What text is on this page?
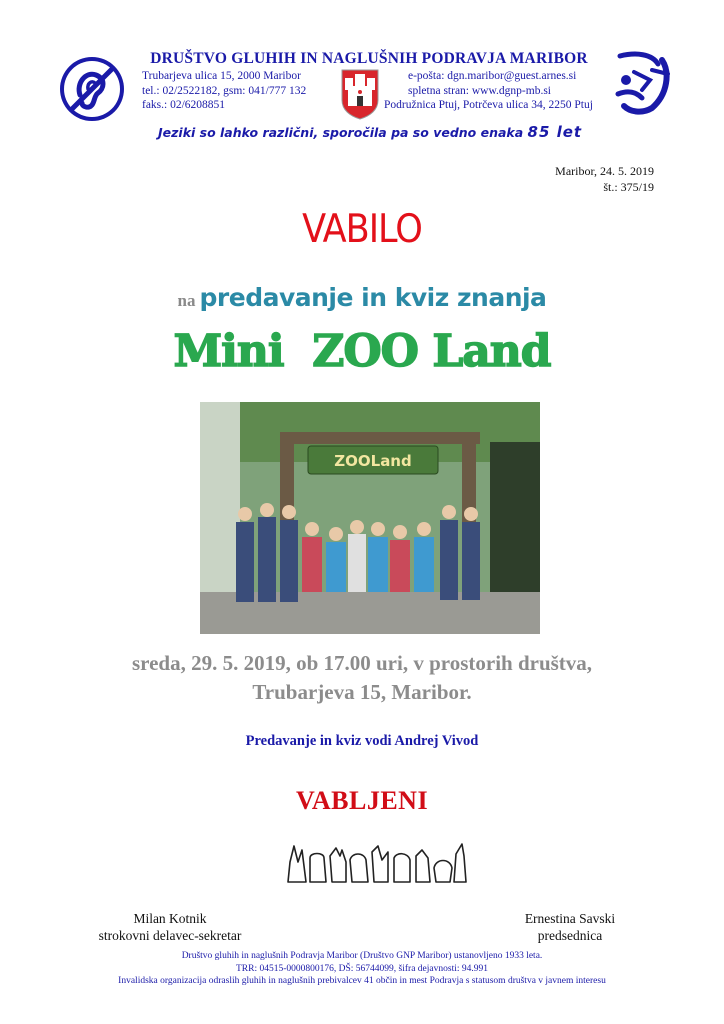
DRUŠTVO GLUHIH IN NAGLUŠNIH PODRAVJA MARIBOR
Trubarjeva ulica 15, 2000 Maribor
tel.: 02/2522182, gsm: 041/777 132
faks.: 02/6208851
e-pošta: dgn.maribor@guest.arnes.si
spletna stran: www.dgnp-mb.si
Podružnica Ptuj, Potrčeva ulica 34, 2250 Ptuj
Jeziki so lahko različni, sporočila pa so vedno enaka 85 let
Maribor, 24. 5. 2019
št.: 375/19
VABILO
na predavanje in kviz znanja
Mini  ZOO Land
ZOOLand
sreda, 29. 5. 2019, ob 17.00 uri, v prostorih društva,
Trubarjeva 15, Maribor.
Predavanje in kviz vodi Andrej Vivod
VABLJENI
Milan Kotnik
strokovni delavec-sekretar
Ernestina Savski
predsednica
Društvo gluhih in naglušnih Podravja Maribor (Društvo GNP Maribor) ustanovljeno 1933 leta.
TRR: 04515-0000800176, DŠ: 56744099, šifra dejavnosti: 94.991
Invalidska organizacija odraslih gluhih in naglušnih prebivalcev 41 občin in mest Podravja s statusom društva v javnem interesu
